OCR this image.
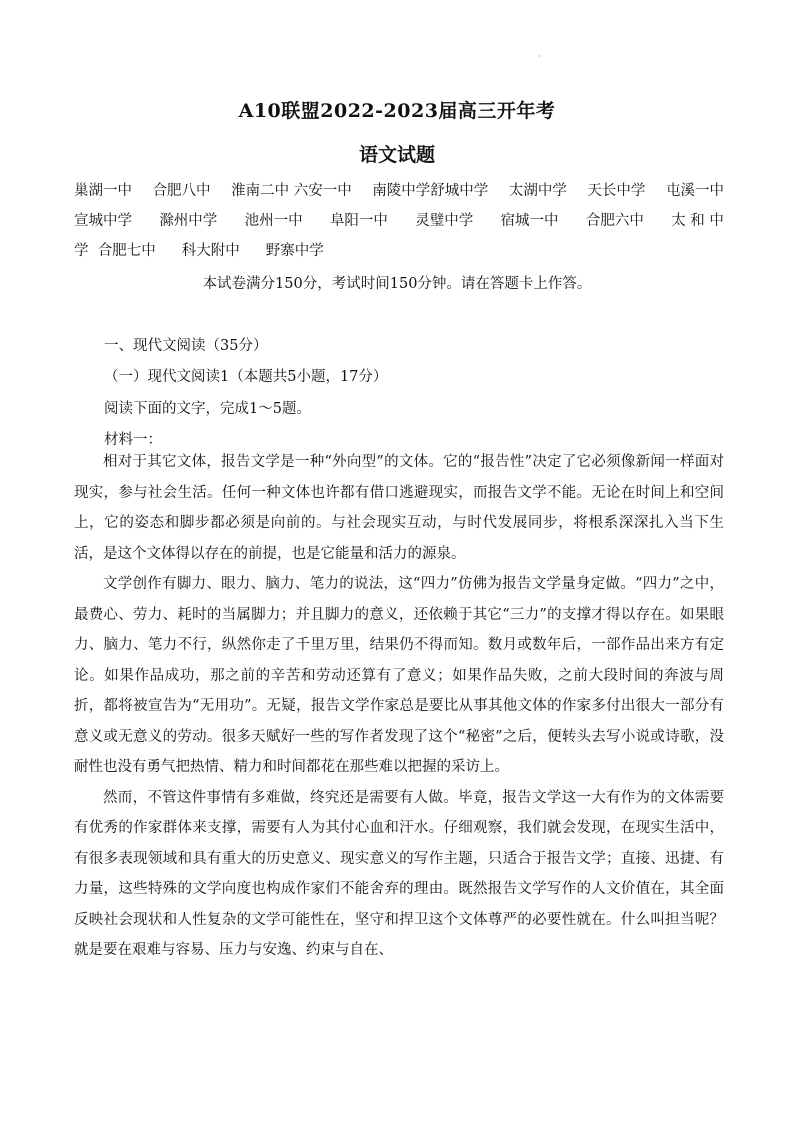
·
A10联盟2022-2023届高三开年考
语文试题
巢湖一中 合肥八中 淮南二中 六安一中 南陵中学舒城中学 太湖中学 天长中学 屯溪一中
宣城中学 滁州中学 池州一中 阜阳一中 灵璧中学 宿城一中 合肥六中 太 和 中
学  合肥七中 科大附中 野寨中学
本试卷满分150分，考试时间150分钟。请在答题卡上作答。
一、现代文阅读（35分）
（一）现代文阅读1（本题共5小题，17分）
阅读下面的文字，完成1～5题。
材料一：

相对于其它文体，报告文学是一种“外向型”的文体。它的“报告性”决定了它必须像新闻一样面对现实，参与社会生活。任何一种文体也许都有借口逃避现实，而报告文学不能。无论在时间上和空间上，它的姿态和脚步都必须是向前的。与社会现实互动，与时代发展同步，将根系深深扎入当下生活，是这个文体得以存在的前提，也是它能量和活力的源泉。

文学创作有脚力、眼力、脑力、笔力的说法，这“四力”仿佛为报告文学量身定做。“四力”之中，最费心、劳力、耗时的当属脚力；并且脚力的意义，还依赖于其它“三力”的支撑才得以存在。如果眼力、脑力、笔力不行，纵然你走了千里万里，结果仍不得而知。数月或数年后，一部作品出来方有定论。如果作品成功，那之前的辛苦和劳动还算有了意义；如果作品失败，之前大段时间的奔波与周折，都将被宣告为“无用功”。无疑，报告文学作家总是要比从事其他文体的作家多付出很大一部分有意义或无意义的劳动。很多天赋好一些的写作者发现了这个“秘密”之后，便转头去写小说或诗歌，没耐性也没有勇气把热情、精力和时间都花在那些难以把握的采访上。

然而，不管这件事情有多难做，终究还是需要有人做。毕竟，报告文学这一大有作为的文体需要有优秀的作家群体来支撑，需要有人为其付心血和汗水。仔细观察，我们就会发现，在现实生活中，有很多表现领域和具有重大的历史意义、现实意义的写作主题，只适合于报告文学；直接、迅捷、有力量，这些特殊的文学向度也构成作家们不能舍弃的理由。既然报告文学写作的人文价值在，其全面反映社会现状和人性复杂的文学可能性在，坚守和捍卫这个文体尊严的必要性就在。什么叫担当呢？就是要在艰难与容易、压力与安逸、约束与自在、
